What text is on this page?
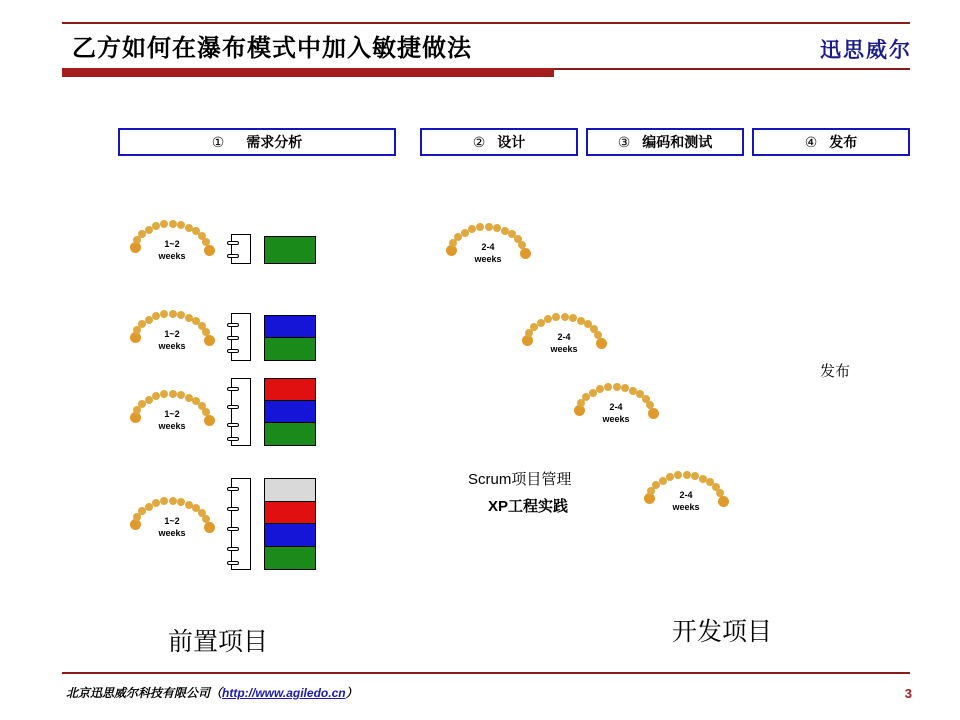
乙方如何在瀑布模式中加入敏捷做法	迅思威尔
① 需求分析	② 设计	③ 编码和测试	④ 发布
1~2
weeks
1~2
weeks
1~2
weeks
1~2
weeks
2-4
weeks
2-4
weeks
2-4
weeks
2-4
weeks
Scrum项目管理
XP工程实践
发布
前置项目	开发项目
北京迅思威尔科技有限公司（http://www.agiledo.cn）	3
